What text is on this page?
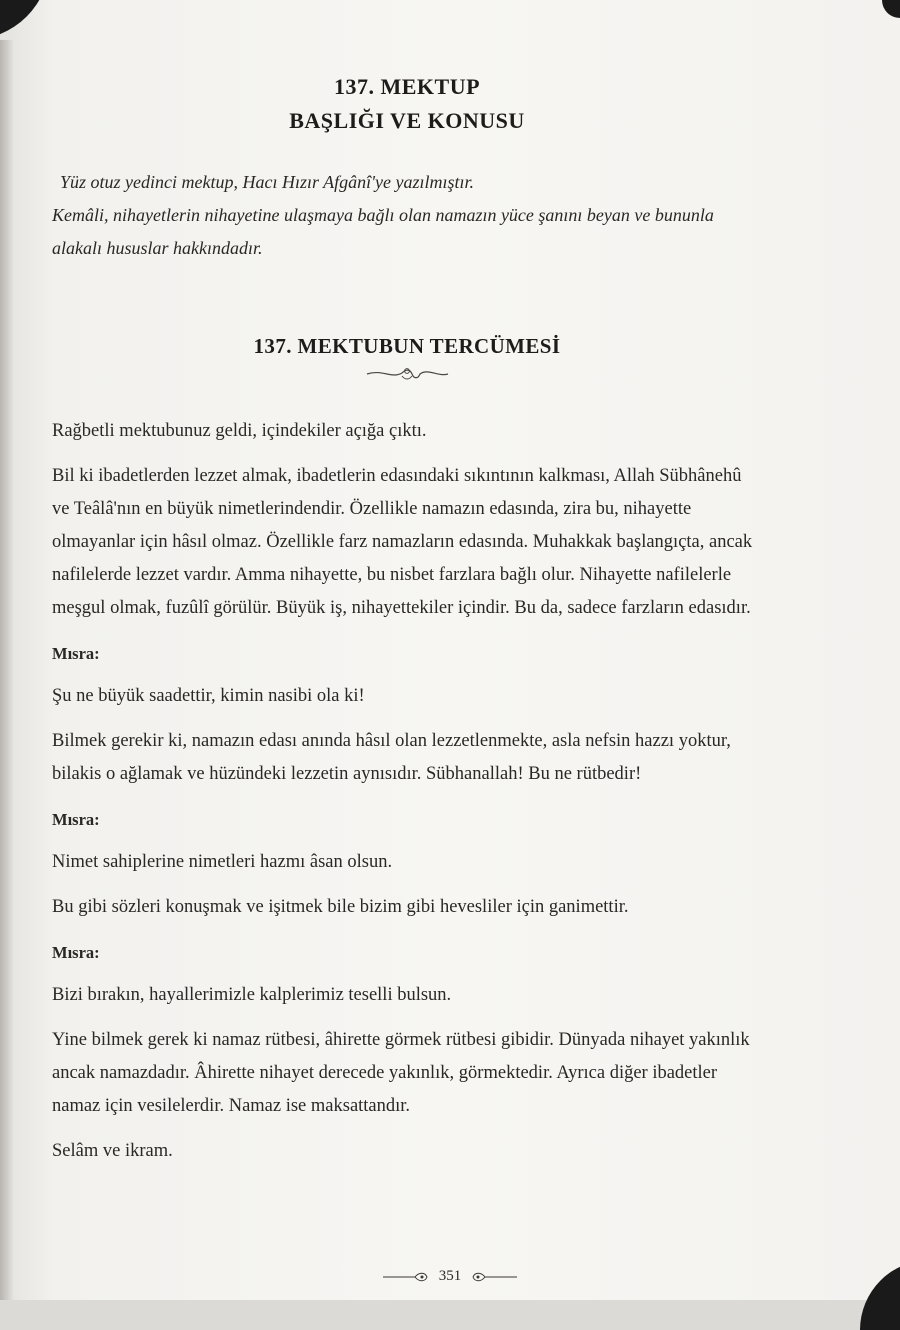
137. MEKTUP
BAŞLIĞI VE KONUSU

Yüz otuz yedinci mektup, Hacı Hızır Afgânî'ye yazılmıştır.

Kemâli, nihayetlerin nihayetine ulaşmaya bağlı olan namazın yüce şanını beyan ve bununla alakalı hususlar hakkındadır.

137. MEKTUBUN TERCÜMESİ

Rağbetli mektubunuz geldi, içindekiler açığa çıktı.

Bil ki ibadetlerden lezzet almak, ibadetlerin edasındaki sıkıntının kalkması, Allah Sübhânehû ve Teâlâ'nın en büyük nimetlerindendir. Özellikle namazın edasında, zira bu, nihayette olmayanlar için hâsıl olmaz. Özellikle farz namazların edasında. Muhakkak başlangıçta, ancak nafilelerde lezzet vardır. Amma nihayette, bu nisbet farzlara bağlı olur. Nihayette nafilelerle meşgul olmak, fuzûlî görülür. Büyük iş, nihayettekiler içindir. Bu da, sadece farzların edasıdır.

Mısra:

Şu ne büyük saadettir, kimin nasibi ola ki!

Bilmek gerekir ki, namazın edası anında hâsıl olan lezzetlenmekte, asla nefsin hazzı yoktur, bilakis o ağlamak ve hüzündeki lezzetin aynısıdır. Sübhanallah! Bu ne rütbedir!

Mısra:

Nimet sahiplerine nimetleri hazmı âsan olsun.

Bu gibi sözleri konuşmak ve işitmek bile bizim gibi hevesliler için ganimettir.

Mısra:

Bizi bırakın, hayallerimizle kalplerimiz teselli bulsun.

Yine bilmek gerek ki namaz rütbesi, âhirette görmek rütbesi gibidir. Dünyada nihayet yakınlık ancak namazdadır. Âhirette nihayet derecede yakınlık, görmektedir. Ayrıca diğer ibadetler namaz için vesilelerdir. Namaz ise maksattandır.

Selâm ve ikram.

351
